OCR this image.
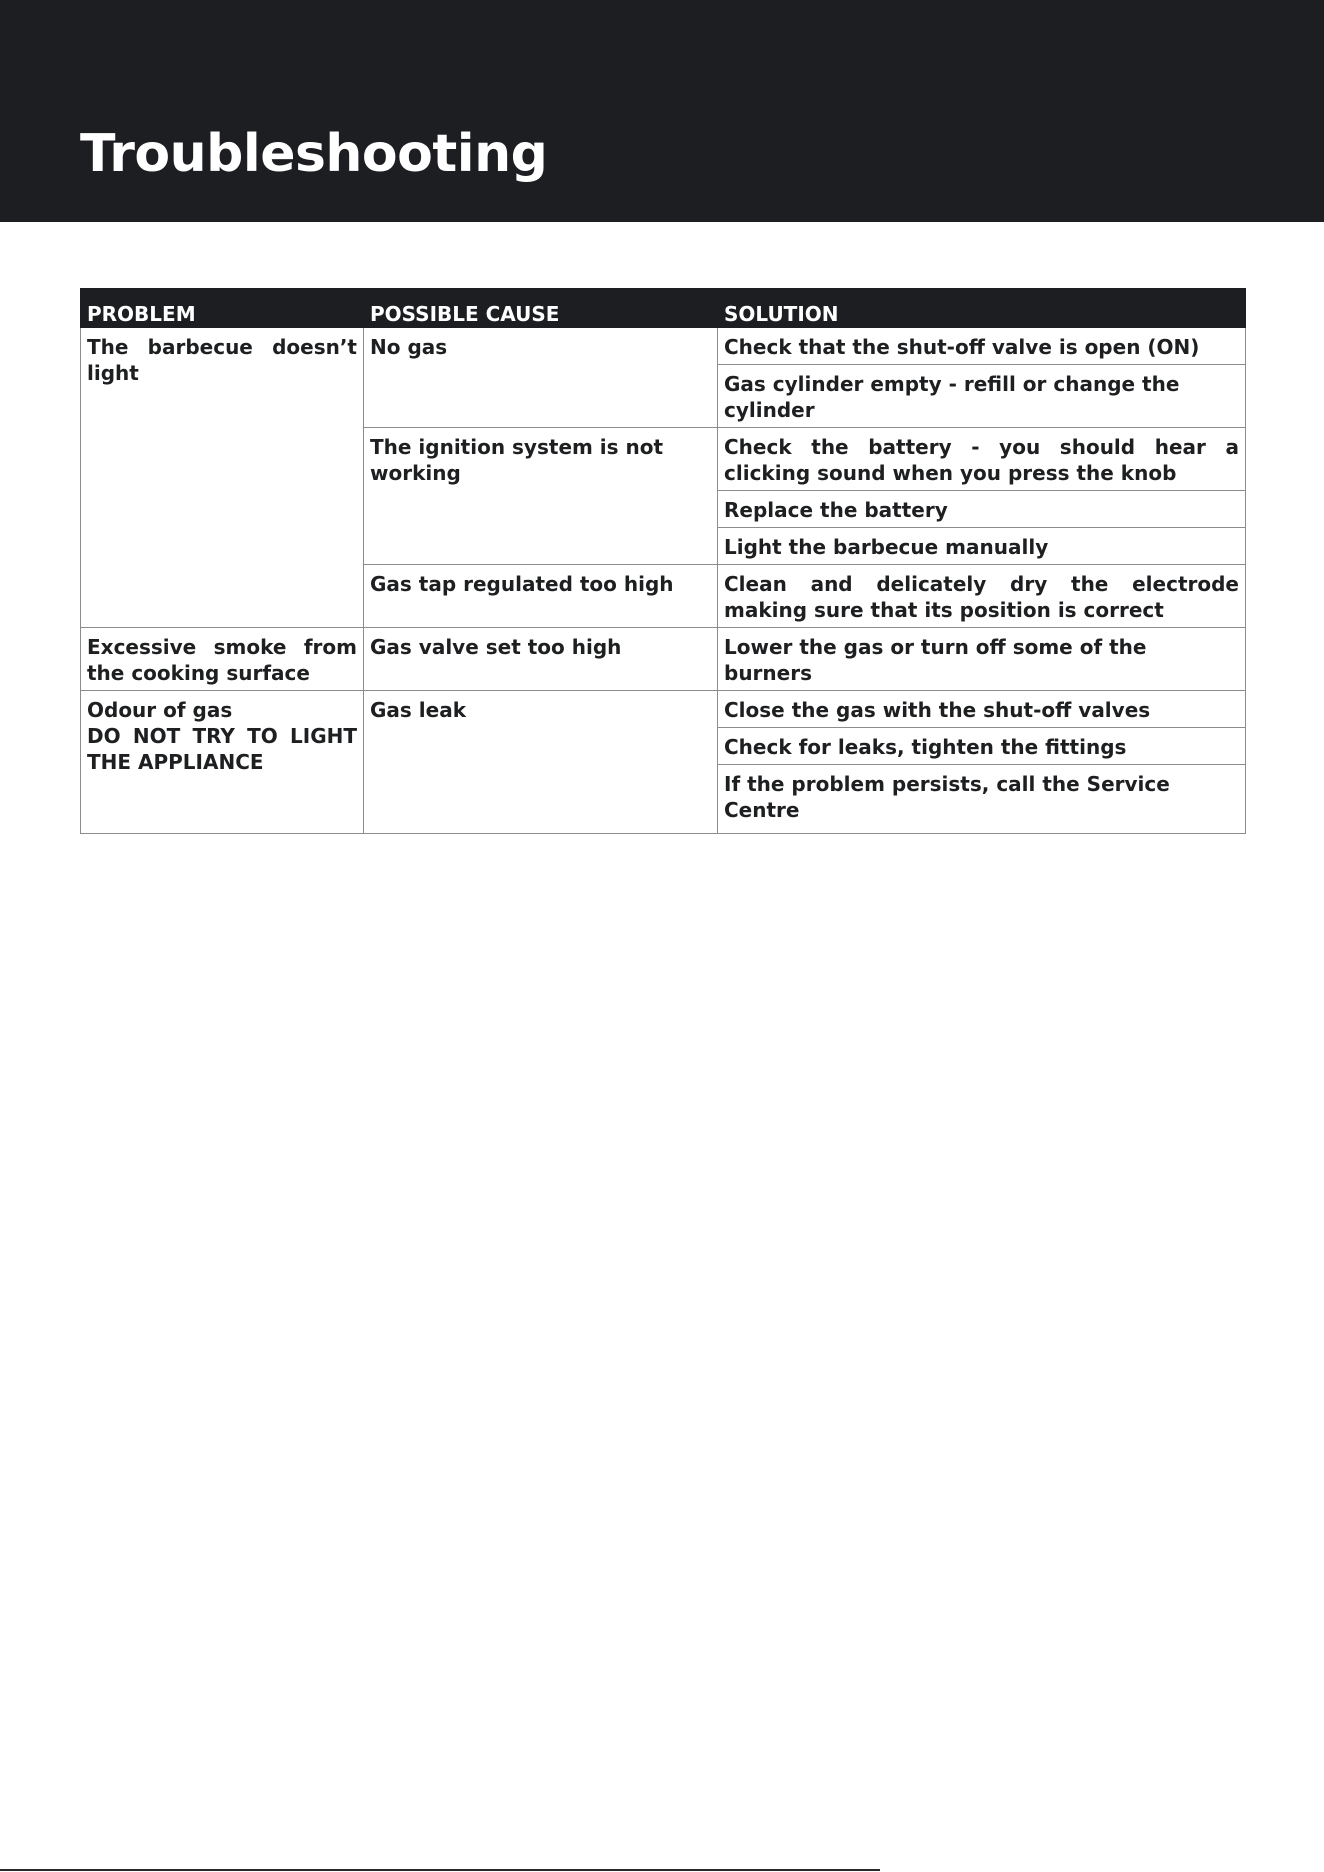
Troubleshooting
PROBLEM	POSSIBLE CAUSE	SOLUTION
The barbecue doesn’t light	No gas	Check that the shut-off valve is open (ON)
		Gas cylinder empty - refill or change the cylinder
	The ignition system is not working	Check the battery - you should hear a clicking sound when you press the knob
		Replace the battery
		Light the barbecue manually
	Gas tap regulated too high	Clean and delicately dry the electrode making sure that its position is correct
Excessive smoke from the cooking surface	Gas valve set too high	Lower the gas or turn off some of the burners

Odour of gas
DO NOT TRY TO LIGHT THE APPLIANCE	Gas leak	Close the gas with the shut-off valves
		Check for leaks, tighten the fittings
		If the problem persists, call the Service Centre
